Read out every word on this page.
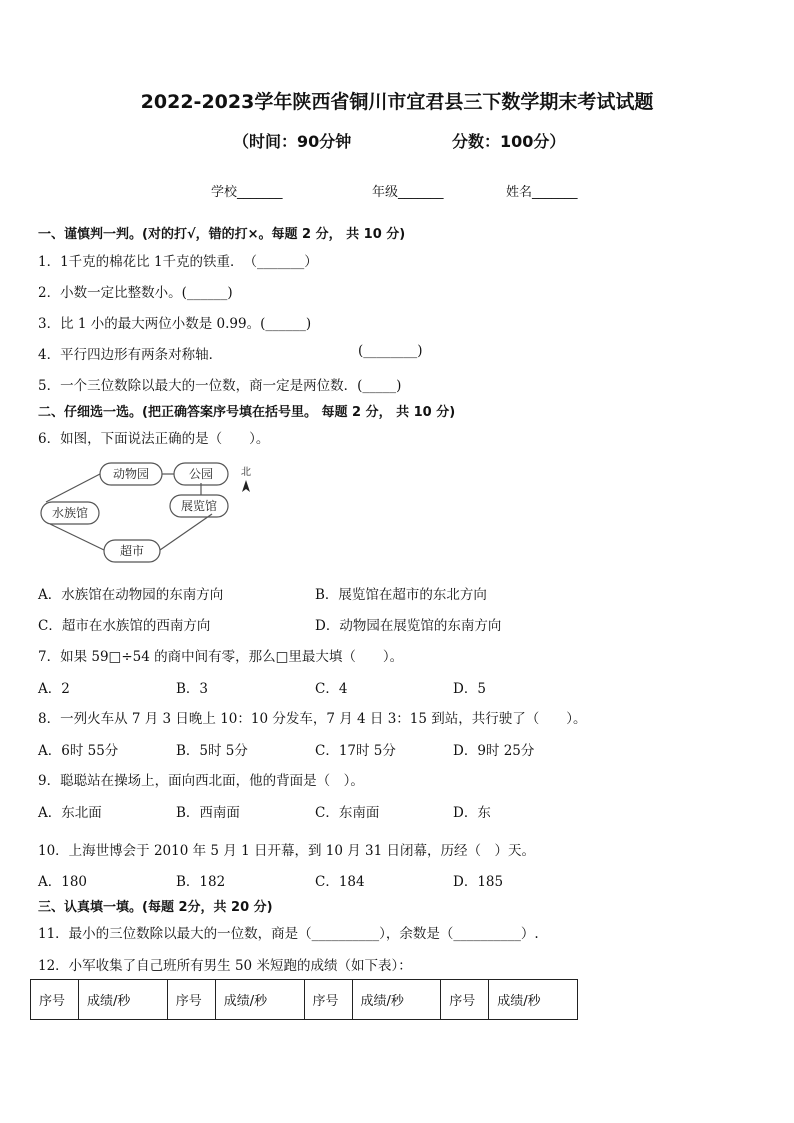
2022-2023学年陕西省铜川市宜君县三下数学期末考试试题
（时间：90分钟	分数：100分）
学校_______	年级_______	姓名_______
一、谨慎判一判。(对的打√，错的打×。每题 2 分， 共 10 分)
1．1千克的棉花比 1千克的铁重．　（_______）
2．小数一定比整数小。(______)
3．比 1 小的最大两位小数是 0.99。(______)
4．平行四边形有两条对称轴．	(________)
5．一个三位数除以最大的一位数，商一定是两位数．(_____)
二、仔细选一选。(把正确答案序号填在括号里。 每题 2 分， 共 10 分)
6．如图，下面说法正确的是（　　）。
动物园	公园
水族馆	展览馆
超市
北
A．水族馆在动物园的东南方向	B．展览馆在超市的东北方向
C．超市在水族馆的西南方向	D．动物园在展览馆的东南方向
7．如果 59□÷54 的商中间有零，那么□里最大填（　　）。
A．2	B．3	C．4	D．5
8．一列火车从 7 月 3 日晚上 10：10 分发车，7 月 4 日 3：15 到站，共行驶了（　　）。
A．6时 55分	B．5时 5分	C．17时 5分	D．9时 25分
9．聪聪站在操场上，面向西北面，他的背面是（　）。
A．东北面	B．西南面	C．东南面	D．东
10．上海世博会于 2010 年 5 月 1 日开幕，到 10 月 31 日闭幕，历经（　）天。
A．180	B．182	C．184	D．185
三、认真填一填。(每题 2分，共 20 分)
11．最小的三位数除以最大的一位数，商是（__________），余数是（__________）.
12．小军收集了自己班所有男生 50 米短跑的成绩（如下表）：
序号	成绩/秒	序号	成绩/秒	序号	成绩/秒	序号	成绩/秒
